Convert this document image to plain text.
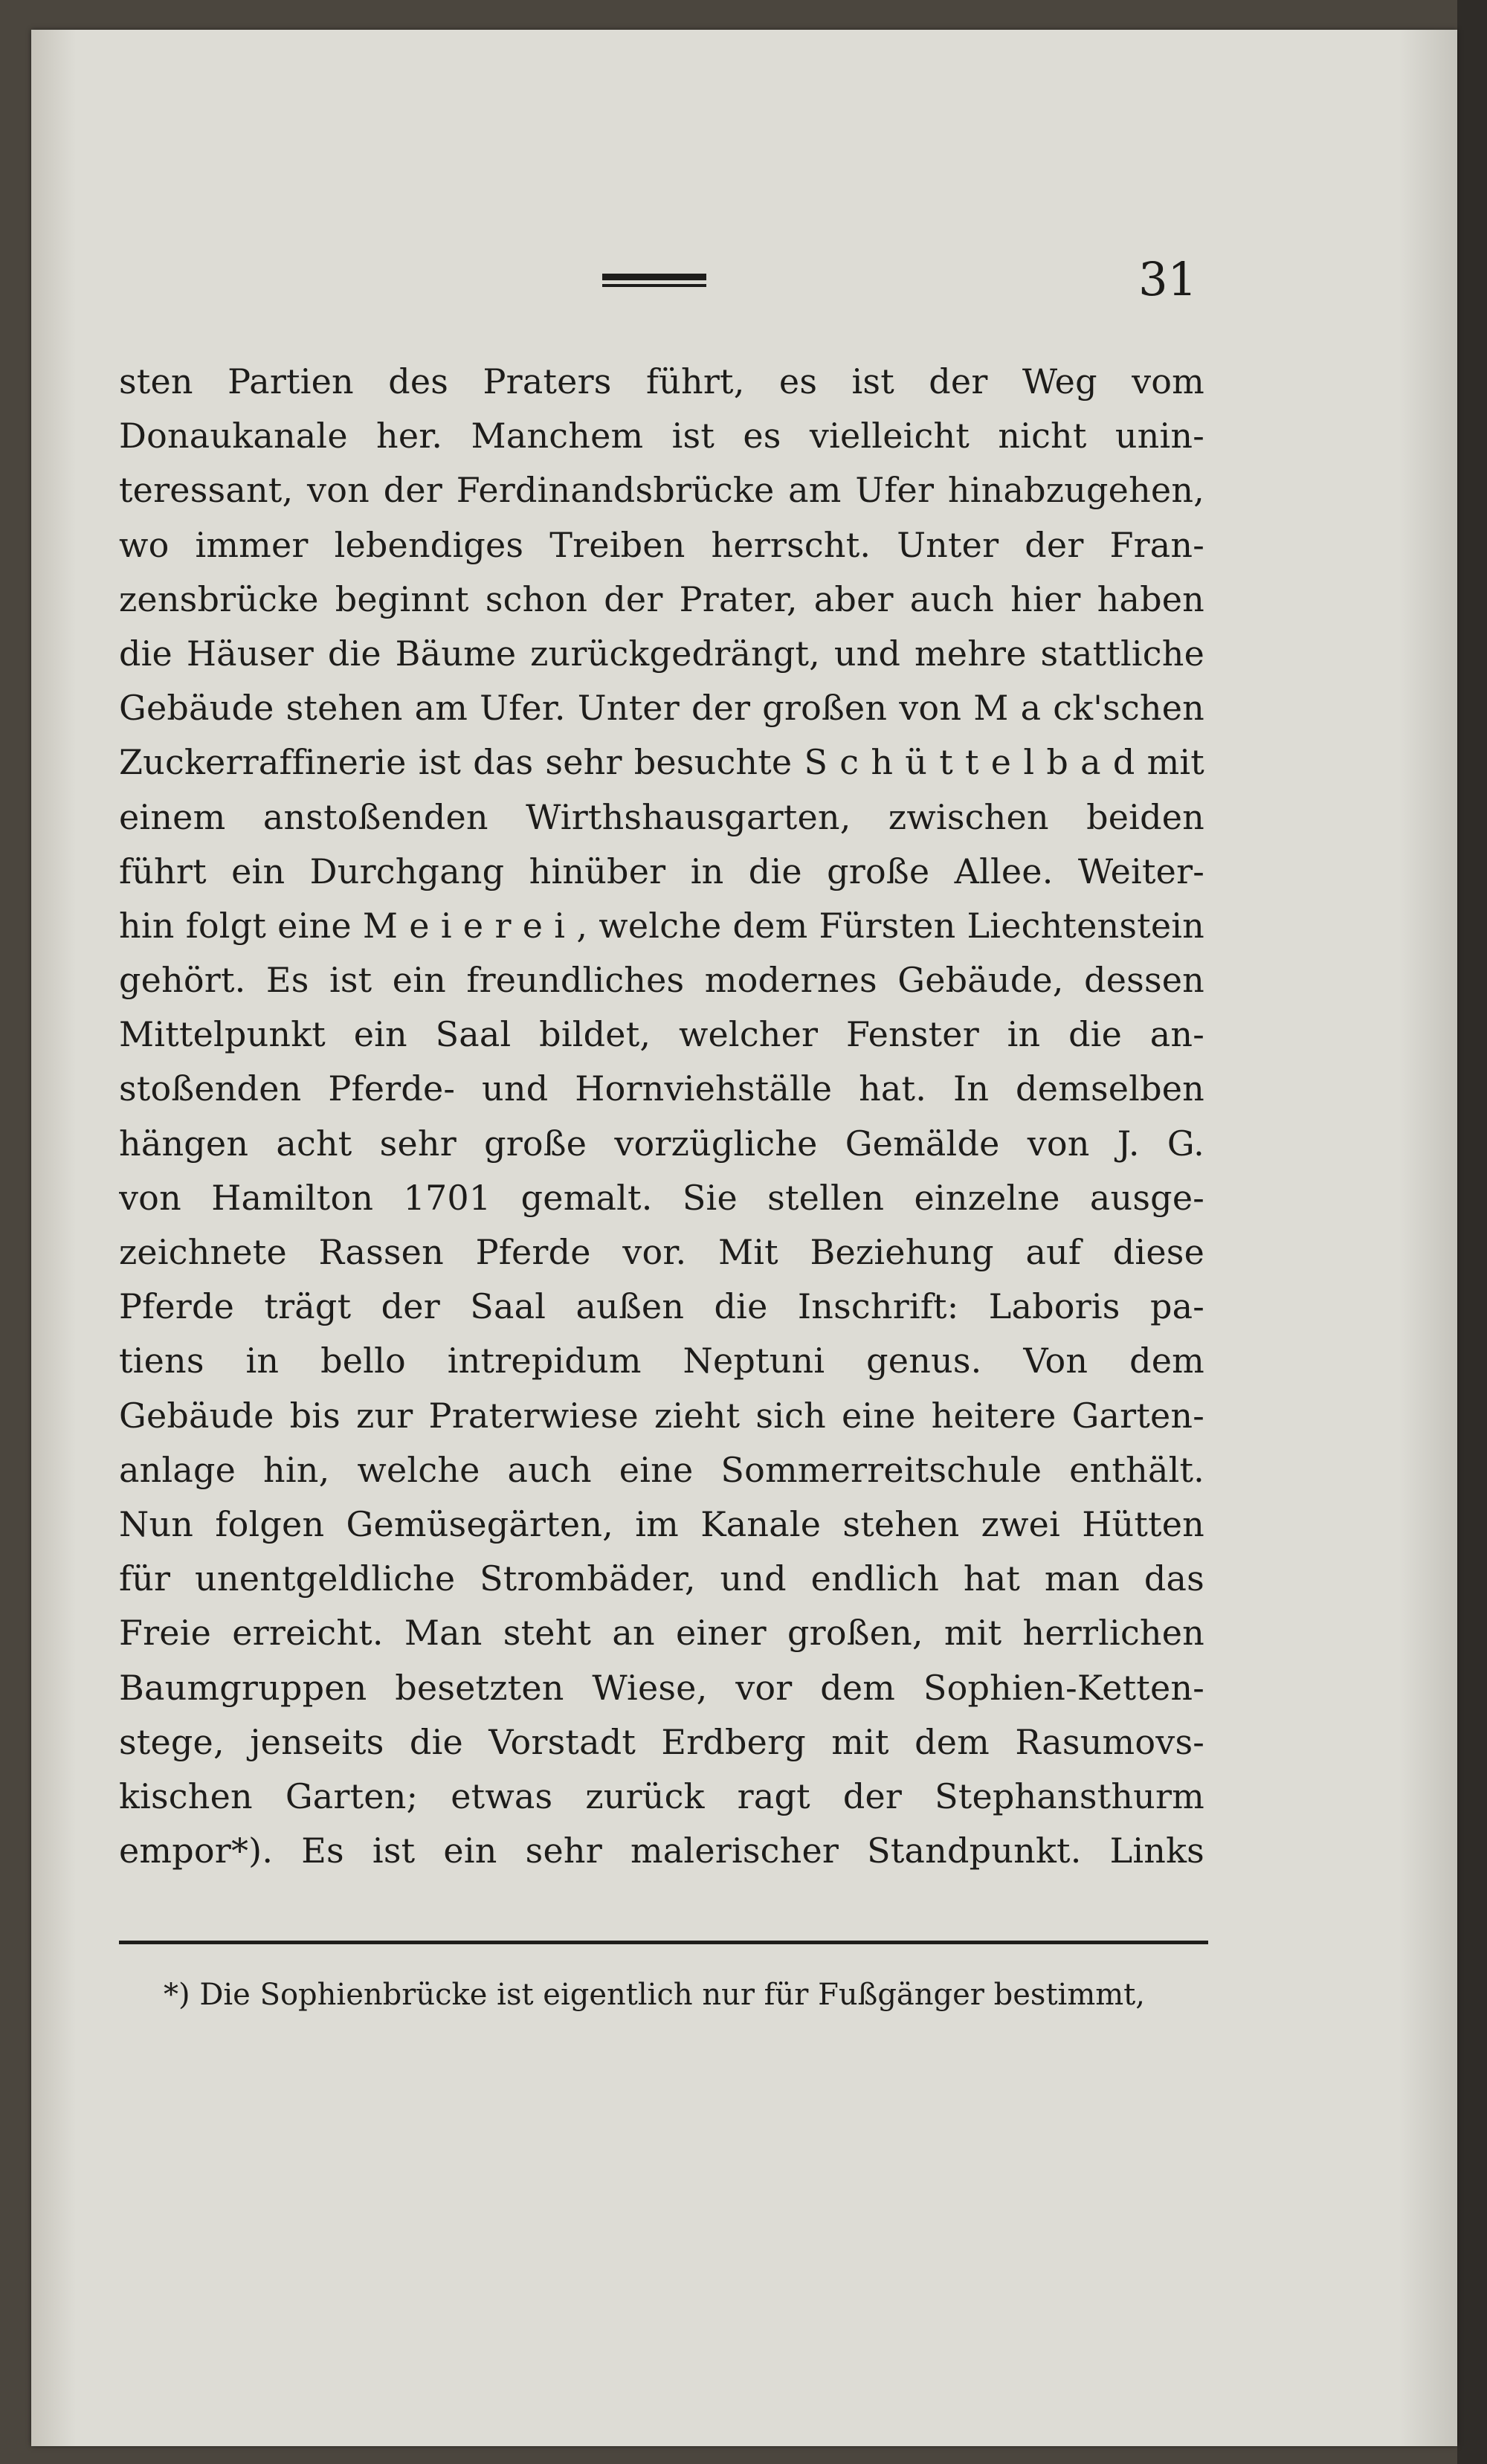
31
sten Partien des Praters führt, es ist der Weg vom
Donaukanale her. Manchem ist es vielleicht nicht unin-
teressant, von der Ferdinandsbrücke am Ufer hinabzugehen,
wo immer lebendiges Treiben herrscht. Unter der Fran-
zensbrücke beginnt schon der Prater, aber auch hier haben
die Häuser die Bäume zurückgedrängt, und mehre stattliche
Gebäude stehen am Ufer. Unter der großen von M a ck'schen
Zuckerraffinerie ist das sehr besuchte S c h ü t t e l b a d mit
einem anstoßenden Wirthshausgarten, zwischen beiden
führt ein Durchgang hinüber in die große Allee. Weiter-
hin folgt eine M e i e r e i , welche dem Fürsten Liechtenstein
gehört. Es ist ein freundliches modernes Gebäude, dessen
Mittelpunkt ein Saal bildet, welcher Fenster in die an-
stoßenden Pferde- und Hornviehställe hat. In demselben
hängen acht sehr große vorzügliche Gemälde von J. G.
von Hamilton 1701 gemalt. Sie stellen einzelne ausge-
zeichnete Rassen Pferde vor. Mit Beziehung auf diese
Pferde trägt der Saal außen die Inschrift: Laboris pa-
tiens in bello intrepidum Neptuni genus. Von dem
Gebäude bis zur Praterwiese zieht sich eine heitere Garten-
anlage hin, welche auch eine Sommerreitschule enthält.
Nun folgen Gemüsegärten, im Kanale stehen zwei Hütten
für unentgeldliche Strombäder, und endlich hat man das
Freie erreicht. Man steht an einer großen, mit herrlichen
Baumgruppen besetzten Wiese, vor dem Sophien-Ketten-
stege, jenseits die Vorstadt Erdberg mit dem Rasumovs-
kischen Garten; etwas zurück ragt der Stephansthurm
empor*). Es ist ein sehr malerischer Standpunkt. Links
*) Die Sophienbrücke ist eigentlich nur für Fußgänger bestimmt,
